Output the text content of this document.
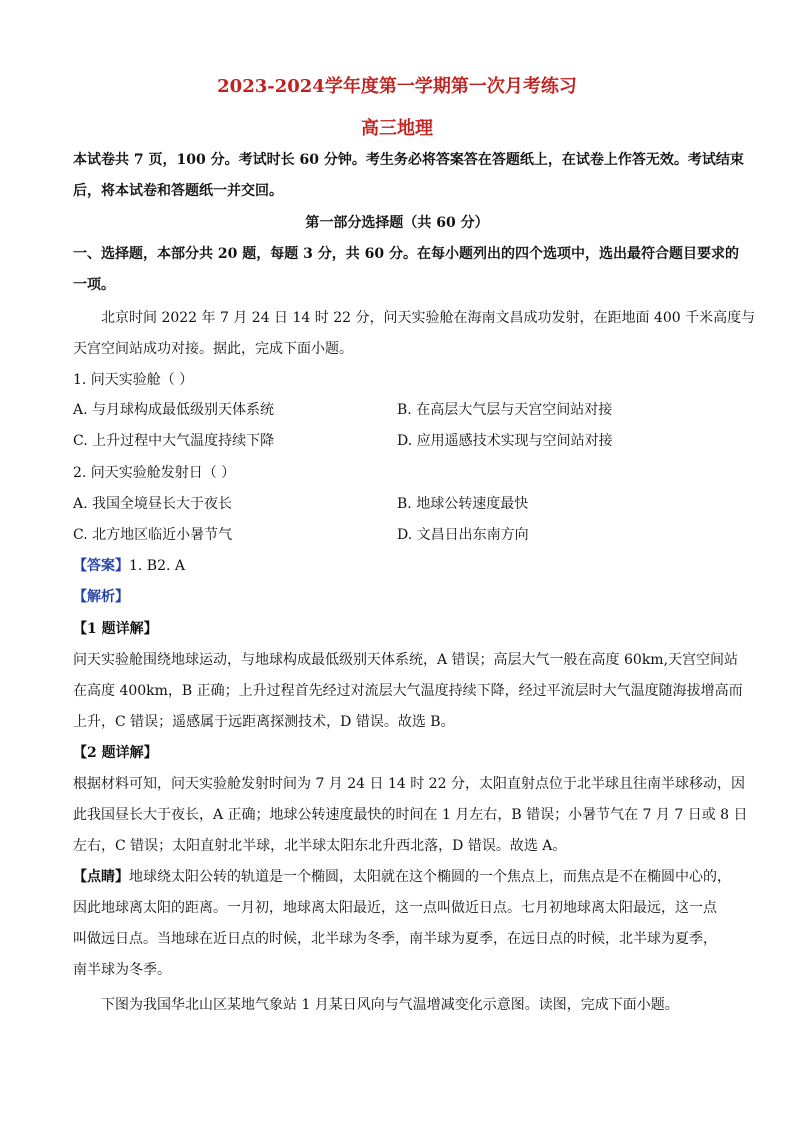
2023-2024学年度第一学期第一次月考练习
高三地理
本试卷共 7 页，100 分。考试时长 60 分钟。考生务必将答案答在答题纸上，在试卷上作答无效。考试结束
后，将本试卷和答题纸一并交回。
第一部分选择题（共 60 分）
一、选择题，本部分共 20 题，每题 3 分，共 60 分。在每小题列出的四个选项中，选出最符合题目要求的
一项。
北京时间 2022 年 7 月 24 日 14 时 22 分，问天实验舱在海南文昌成功发射，在距地面 400 千米高度与
天宫空间站成功对接。据此，完成下面小题。
1. 问天实验舱（ ）
A. 与月球构成最低级别天体系统	B. 在高层大气层与天宫空间站对接
C. 上升过程中大气温度持续下降	D. 应用遥感技术实现与空间站对接
2. 问天实验舱发射日（ ）
A. 我国全境昼长大于夜长	B. 地球公转速度最快
C. 北方地区临近小暑节气	D. 文昌日出东南方向
【答案】1. B2. A
【解析】
【1 题详解】
问天实验舱围绕地球运动，与地球构成最低级别天体系统，A 错误；高层大气一般在高度 60km,天宫空间站
在高度 400km，B 正确；上升过程首先经过对流层大气温度持续下降，经过平流层时大气温度随海拔增高而
上升，C 错误；遥感属于远距离探测技术，D 错误。故选 B。
【2 题详解】
根据材料可知，问天实验舱发射时间为 7 月 24 日 14 时 22 分，太阳直射点位于北半球且往南半球移动，因
此我国昼长大于夜长，A 正确；地球公转速度最快的时间在 1 月左右，B 错误；小暑节气在 7 月 7 日或 8 日
左右，C 错误；太阳直射北半球，北半球太阳东北升西北落，D 错误。故选 A。
【点睛】地球绕太阳公转的轨道是一个椭圆，太阳就在这个椭圆的一个焦点上，而焦点是不在椭圆中心的，
因此地球离太阳的距离。一月初，地球离太阳最近，这一点叫做近日点。七月初地球离太阳最远，这一点
叫做远日点。当地球在近日点的时候，北半球为冬季，南半球为夏季，在远日点的时候，北半球为夏季，
南半球为冬季。
下图为我国华北山区某地气象站 1 月某日风向与气温增减变化示意图。读图，完成下面小题。
